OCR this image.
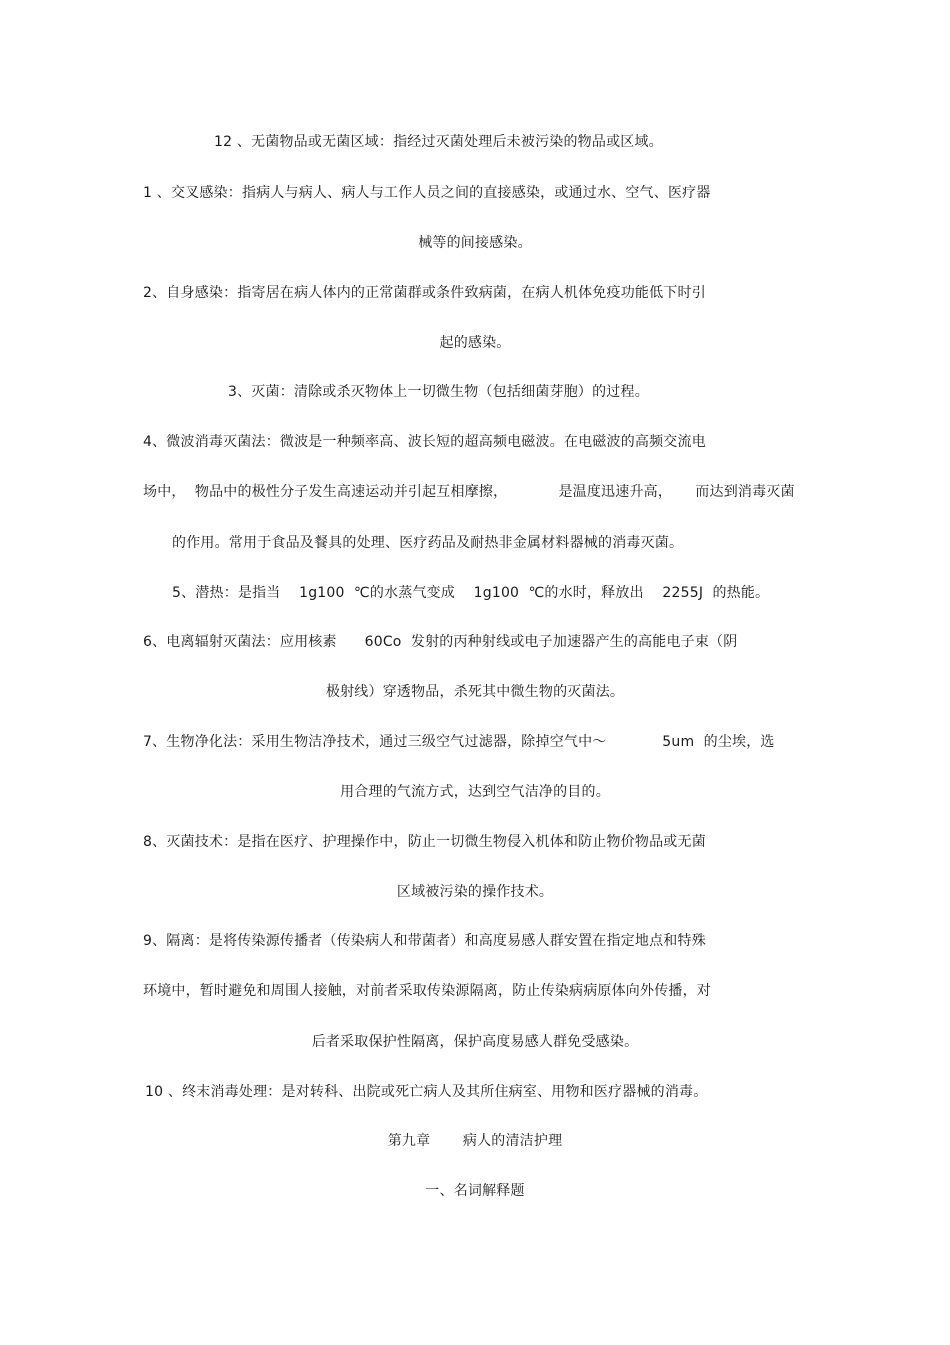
12 、无菌物品或无菌区域：指经过灭菌处理后未被污染的物品或区域。
1 、交叉感染：指病人与病人、病人与工作人员之间的直接感染，或通过水、空气、医疗器
械等的间接感染。
2、自身感染：指寄居在病人体内的正常菌群或条件致病菌，在病人机体免疫功能低下时引
起的感染。
3、灭菌：清除或杀灭物体上一切微生物（包括细菌芽胞）的过程。
4、微波消毒灭菌法：微波是一种频率高、波长短的超高频电磁波。在电磁波的高频交流电
场中，  物品中的极性分子发生高速运动并引起互相摩擦，           是温度迅速升高，     而达到消毒灭菌
的作用。常用于食品及餐具的处理、医疗药品及耐热非金属材料器械的消毒灭菌。
5、潜热：是指当    1g100  ℃的水蒸气变成    1g100  ℃的水时，释放出    2255J  的热能。
6、电离辐射灭菌法：应用核素      60Co  发射的丙种射线或电子加速器产生的高能电子束（阴
极射线）穿透物品，杀死其中微生物的灭菌法。
7、生物净化法：采用生物洁净技术，通过三级空气过滤器，除掉空气中～            5um  的尘埃，选
用合理的气流方式，达到空气洁净的目的。
8、灭菌技术：是指在医疗、护理操作中，防止一切微生物侵入机体和防止物价物品或无菌
区域被污染的操作技术。
9、隔离：是将传染源传播者（传染病人和带菌者）和高度易感人群安置在指定地点和特殊
环境中，暂时避免和周围人接触，对前者采取传染源隔离，防止传染病病原体向外传播，对
后者采取保护性隔离，保护高度易感人群免受感染。
10 、终末消毒处理：是对转科、出院或死亡病人及其所住病室、用物和医疗器械的消毒。
第九章       病人的清洁护理
一、名词解释题
